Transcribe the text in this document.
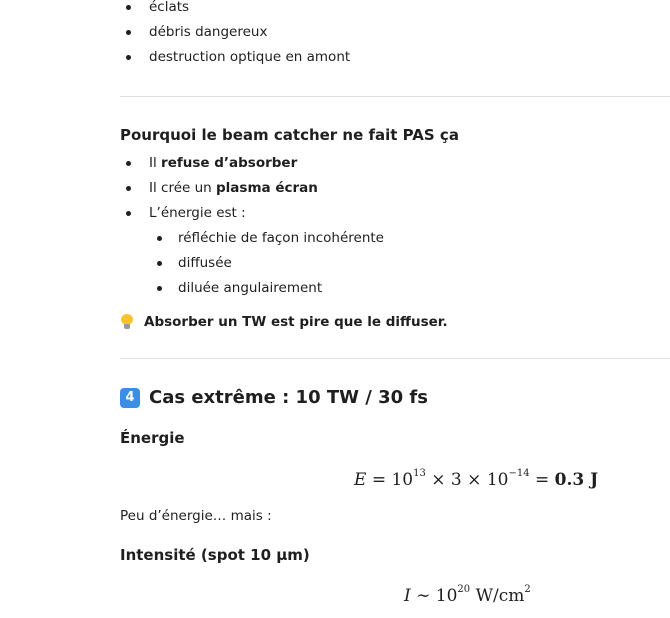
éclats
débris dangereux
destruction optique en amont
Pourquoi le beam catcher ne fait PAS ça
Il refuse d’absorber
Il crée un plasma écran
L’énergie est :
réfléchie de façon incohérente
diffusée
diluée angulairement
Absorber un TW est pire que le diffuser.
4 Cas extrême : 10 TW / 30 fs
Énergie
$E = 10^{13} \times 3 \times 10^{-14} = 0.3$ J
Peu d’énergie… mais :
Intensité (spot 10 µm)
I ∼ $10^{20}$ $W/cm^2$
